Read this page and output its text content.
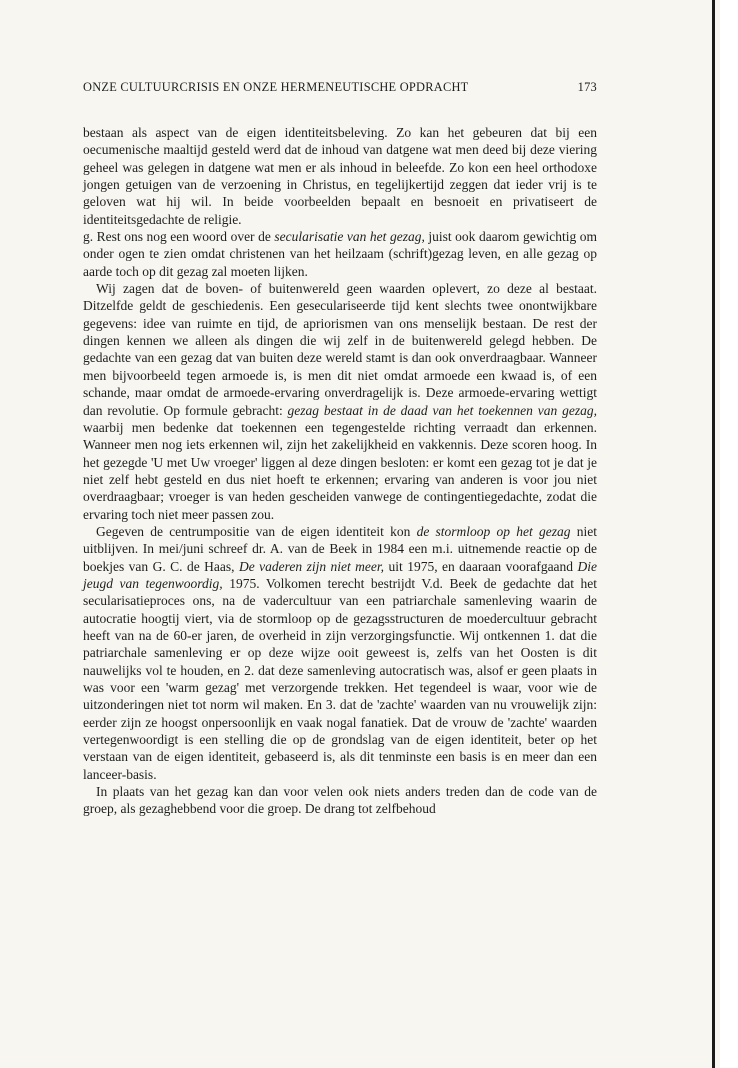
ONZE CULTUURCRISIS EN ONZE HERMENEUTISCHE OPDRACHT	173

bestaan als aspect van de eigen identiteitsbeleving. Zo kan het gebeuren dat bij een oecumenische maaltijd gesteld werd dat de inhoud van datgene wat men deed bij deze viering geheel was gelegen in datgene wat men er als inhoud in beleefde. Zo kon een heel orthodoxe jongen getuigen van de verzoening in Christus, en tegelijkertijd zeggen dat ieder vrij is te geloven wat hij wil. In beide voorbeelden bepaalt en besnoeit en privatiseert de identiteitsgedachte de religie.

g. Rest ons nog een woord over de secularisatie van het gezag, juist ook daarom gewichtig om onder ogen te zien omdat christenen van het heilzaam (schrift)gezag leven, en alle gezag op aarde toch op dit gezag zal moeten lijken.

Wij zagen dat de boven- of buitenwereld geen waarden oplevert, zo deze al bestaat. Ditzelfde geldt de geschiedenis. Een geseculariseerde tijd kent slechts twee onontwijkbare gegevens: idee van ruimte en tijd, de apriorismen van ons menselijk bestaan. De rest der dingen kennen we alleen als dingen die wij zelf in de buitenwereld gelegd hebben. De gedachte van een gezag dat van buiten deze wereld stamt is dan ook onverdraagbaar. Wanneer men bijvoorbeeld tegen armoede is, is men dit niet omdat armoede een kwaad is, of een schande, maar omdat de armoede-ervaring onverdragelijk is. Deze armoede-ervaring wettigt dan revolutie. Op formule gebracht: gezag bestaat in de daad van het toekennen van gezag, waarbij men bedenke dat toekennen een tegengestelde richting verraadt dan erkennen. Wanneer men nog iets erkennen wil, zijn het zakelijkheid en vakkennis. Deze scoren hoog. In het gezegde 'U met Uw vroeger' liggen al deze dingen besloten: er komt een gezag tot je dat je niet zelf hebt gesteld en dus niet hoeft te erkennen; ervaring van anderen is voor jou niet overdraagbaar; vroeger is van heden gescheiden vanwege de contingentiegedachte, zodat die ervaring toch niet meer passen zou.

Gegeven de centrumpositie van de eigen identiteit kon de stormloop op het gezag niet uitblijven. In mei/juni schreef dr. A. van de Beek in 1984 een m.i. uitnemende reactie op de boekjes van G. C. de Haas, De vaderen zijn niet meer, uit 1975, en daaraan voorafgaand Die jeugd van tegenwoordig, 1975. Volkomen terecht bestrijdt V.d. Beek de gedachte dat het secularisatieproces ons, na de vadercultuur van een patriarchale samenleving waarin de autocratie hoogtij viert, via de stormloop op de gezagsstructuren de moedercultuur gebracht heeft van na de 60-er jaren, de overheid in zijn verzorgingsfunctie. Wij ontkennen 1. dat die patriarchale samenleving er op deze wijze ooit geweest is, zelfs van het Oosten is dit nauwelijks vol te houden, en 2. dat deze samenleving autocratisch was, alsof er geen plaats in was voor een 'warm gezag' met verzorgende trekken. Het tegendeel is waar, voor wie de uitzonderingen niet tot norm wil maken. En 3. dat de 'zachte' waarden van nu vrouwelijk zijn: eerder zijn ze hoogst onpersoonlijk en vaak nogal fanatiek. Dat de vrouw de 'zachte' waarden vertegenwoordigt is een stelling die op de grondslag van de eigen identiteit, beter op het verstaan van de eigen identiteit, gebaseerd is, als dit tenminste een basis is en meer dan een lanceer-basis.

In plaats van het gezag kan dan voor velen ook niets anders treden dan de code van de groep, als gezaghebbend voor die groep. De drang tot zelfbehoud
